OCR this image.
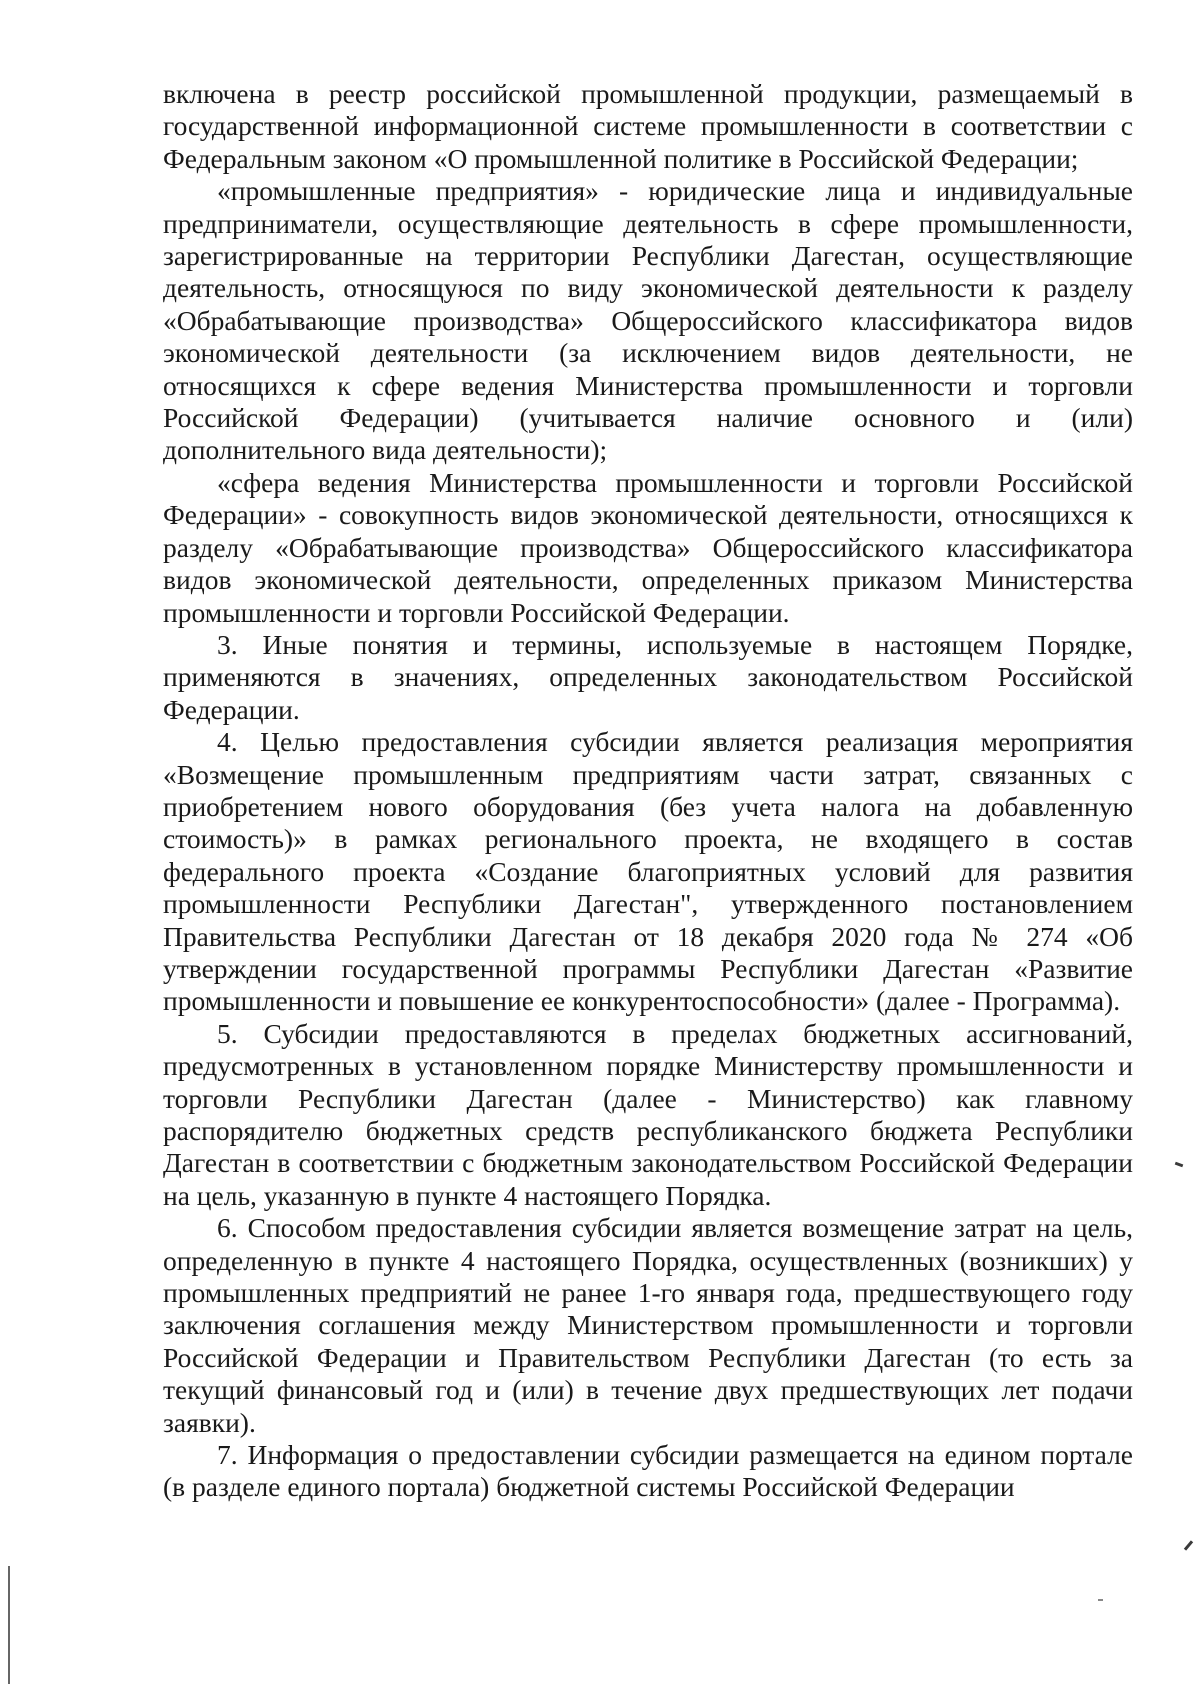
включена в реестр российской промышленной продукции, размещаемый в государственной информационной системе промышленности в соответствии с Федеральным законом «О промышленной политике в Российской Федерации;

«промышленные предприятия» - юридические лица и индивидуальные предприниматели, осуществляющие деятельность в сфере промышленности, зарегистрированные на территории Республики Дагестан, осуществляющие деятельность, относящуюся по виду экономической деятельности к разделу «Обрабатывающие производства» Общероссийского классификатора видов экономической деятельности (за исключением видов деятельности, не относящихся к сфере ведения Министерства промышленности и торговли Российской Федерации) (учитывается наличие основного и (или) дополнительного вида деятельности);

«сфера ведения Министерства промышленности и торговли Российской Федерации» - совокупность видов экономической деятельности, относящихся к разделу «Обрабатывающие производства» Общероссийского классификатора видов экономической деятельности, определенных приказом Министерства промышленности и торговли Российской Федерации.

3. Иные понятия и термины, используемые в настоящем Порядке, применяются в значениях, определенных законодательством Российской Федерации.

4. Целью предоставления субсидии является реализация мероприятия «Возмещение промышленным предприятиям части затрат, связанных с приобретением нового оборудования (без учета налога на добавленную стоимость)» в рамках регионального проекта, не входящего в состав федерального проекта «Создание благоприятных условий для развития промышленности Республики Дагестан", утвержденного постановлением Правительства Республики Дагестан от 18 декабря 2020 года № 274 «Об утверждении государственной программы Республики Дагестан «Развитие промышленности и повышение ее конкурентоспособности» (далее - Программа).

5. Субсидии предоставляются в пределах бюджетных ассигнований, предусмотренных в установленном порядке Министерству промышленности и торговли Республики Дагестан (далее - Министерство) как главному распорядителю бюджетных средств республиканского бюджета Республики Дагестан в соответствии с бюджетным законодательством Российской Федерации на цель, указанную в пункте 4 настоящего Порядка.

6. Способом предоставления субсидии является возмещение затрат на цель, определенную в пункте 4 настоящего Порядка, осуществленных (возникших) у промышленных предприятий не ранее 1-го января года, предшествующего году заключения соглашения между Министерством промышленности и торговли Российской Федерации и Правительством Республики Дагестан (то есть за текущий финансовый год и (или) в течение двух предшествующих лет подачи заявки).

7. Информация о предоставлении субсидии размещается на едином портале (в разделе единого портала) бюджетной системы Российской Федерации
